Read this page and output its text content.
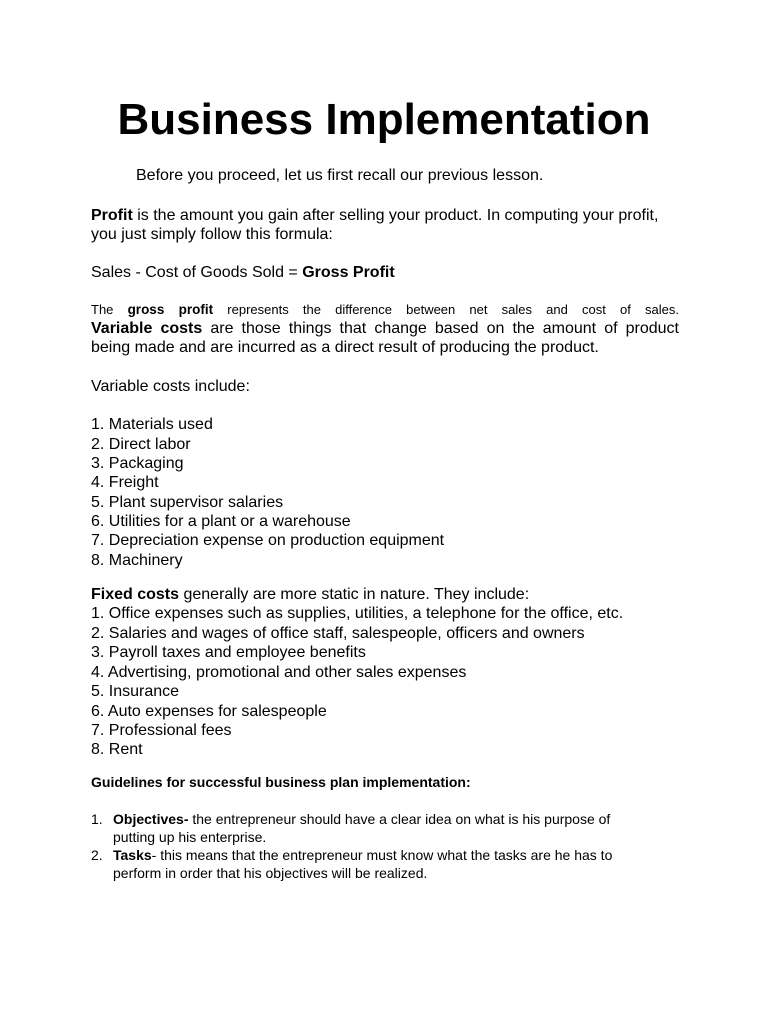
Business Implementation
Before you proceed, let us first recall our previous lesson.
Profit is the amount you gain after selling your product. In computing your profit,
you just simply follow this formula:
Sales - Cost of Goods Sold = Gross Profit
The gross profit represents the difference between net sales and cost of sales.
Variable costs are those things that change based on the amount of product
being made and are incurred as a direct result of producing the product.
Variable costs include:
1. Materials used
2. Direct labor
3. Packaging
4. Freight
5. Plant supervisor salaries
6. Utilities for a plant or a warehouse
7. Depreciation expense on production equipment
8. Machinery
Fixed costs generally are more static in nature. They include:
1. Office expenses such as supplies, utilities, a telephone for the office, etc.
2. Salaries and wages of office staff, salespeople, officers and owners
3. Payroll taxes and employee benefits
4. Advertising, promotional and other sales expenses
5. Insurance
6. Auto expenses for salespeople
7. Professional fees
8. Rent
Guidelines for successful business plan implementation:
1. Objectives- the entrepreneur should have a clear idea on what is his purpose of
putting up his enterprise.
2. Tasks- this means that the entrepreneur must know what the tasks are he has to
perform in order that his objectives will be realized.
